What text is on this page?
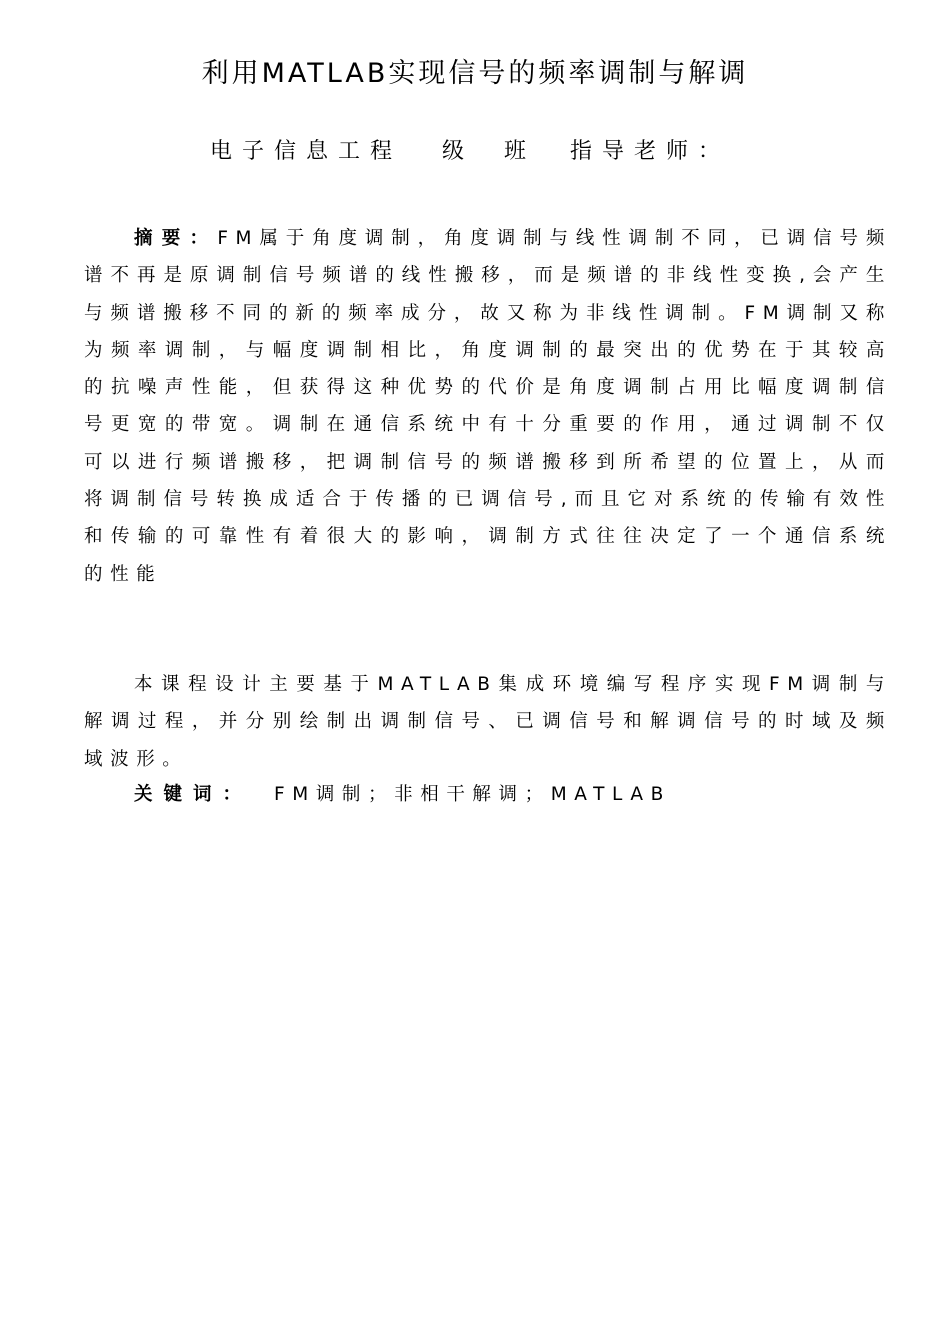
利用MATLAB实现信号的频率调制与解调
电子信息工程 级 班 指导老师：
摘要：FM属于角度调制，角度调制与线性调制不同，已调信号频谱不再是原调制信号频谱的线性搬移，而是频谱的非线性变换,会产生与频谱搬移不同的新的频率成分，故又称为非线性调制。FM调制又称为频率调制，与幅度调制相比，角度调制的最突出的优势在于其较高的抗噪声性能，但获得这种优势的代价是角度调制占用比幅度调制信号更宽的带宽。调制在通信系统中有十分重要的作用，通过调制不仅可以进行频谱搬移，把调制信号的频谱搬移到所希望的位置上，从而将调制信号转换成适合于传播的已调信号,而且它对系统的传输有效性和传输的可靠性有着很大的影响，调制方式往往决定了一个通信系统的性能
本课程设计主要基于MATLAB集成环境编写程序实现FM调制与解调过程，并分别绘制出调制信号、已调信号和解调信号的时域及频域波形。
关键词： FM调制；非相干解调；MATLAB
